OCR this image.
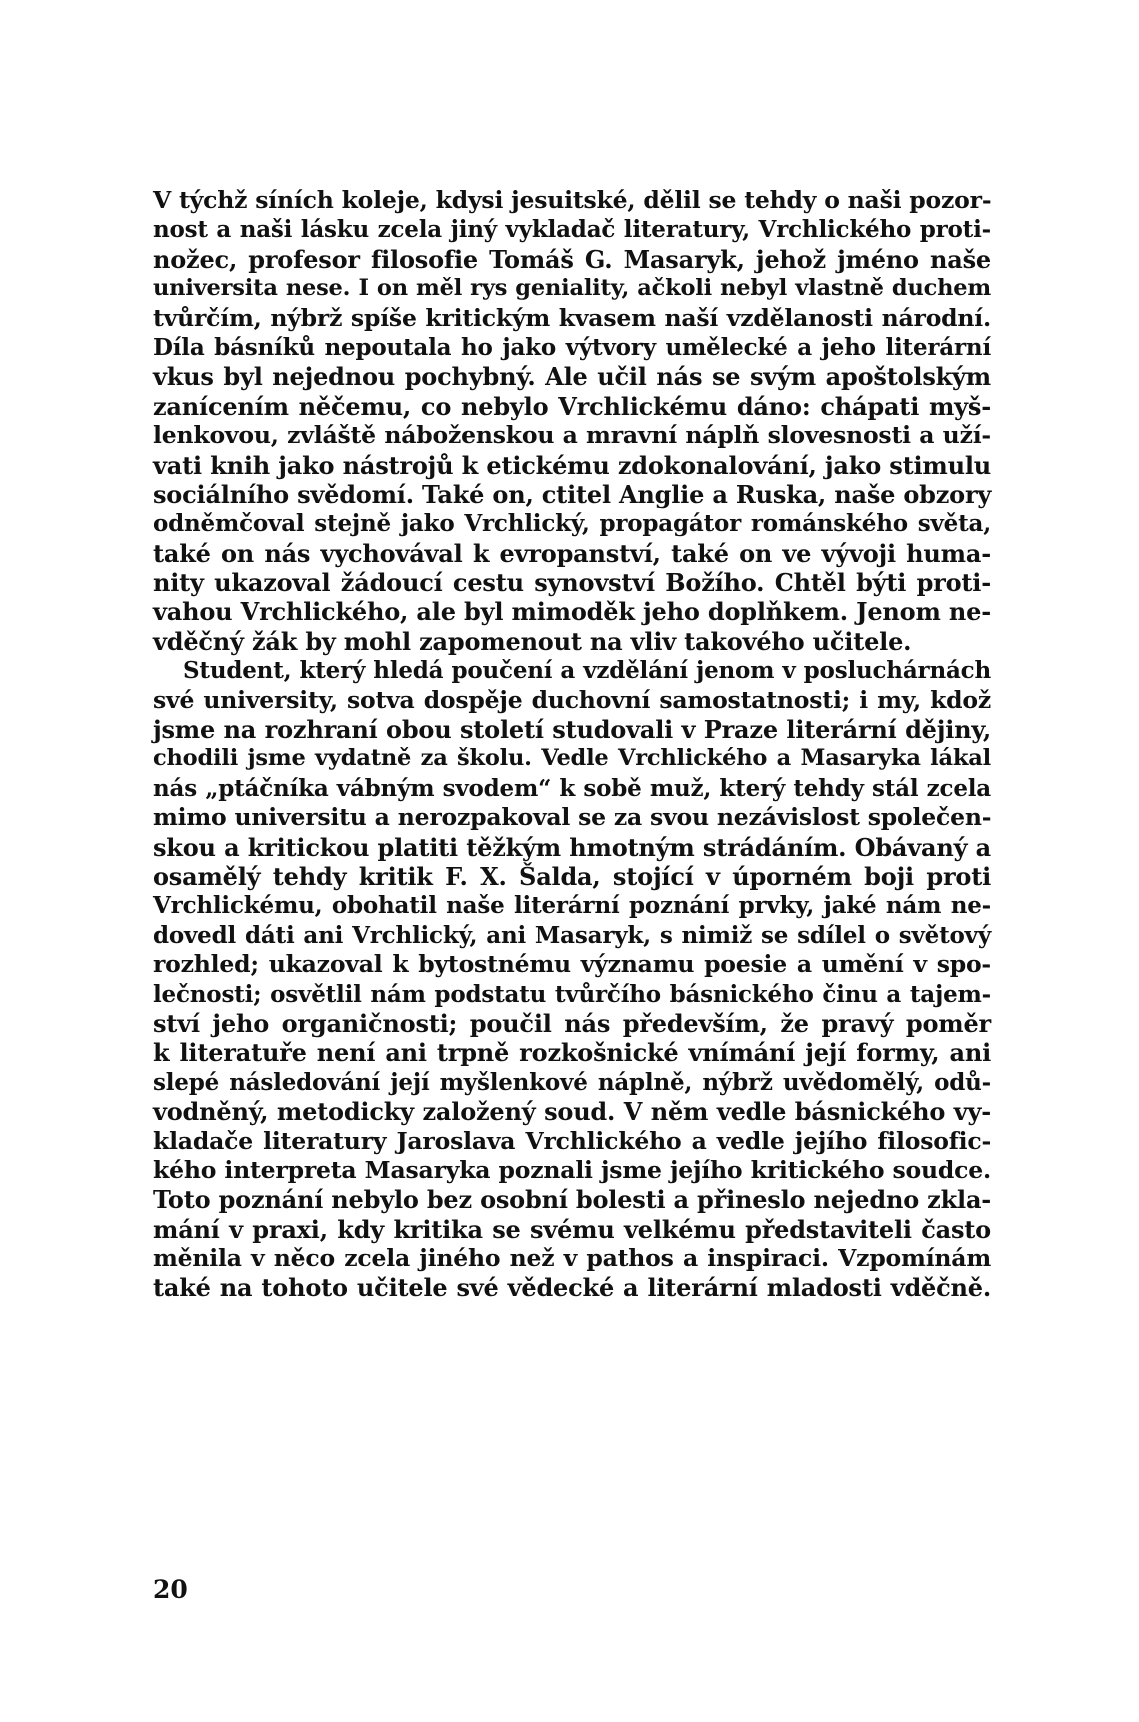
V týchž síních koleje, kdysi jesuitské, dělil se tehdy o naši pozor-
nost a naši lásku zcela jiný vykladač literatury, Vrchlického proti-
nožec, profesor filosofie Tomáš G. Masaryk, jehož jméno naše
universita nese. I on měl rys geniality, ačkoli nebyl vlastně duchem
tvůrčím, nýbrž spíše kritickým kvasem naší vzdělanosti národní.
Díla básníků nepoutala ho jako výtvory umělecké a jeho literární
vkus byl nejednou pochybný. Ale učil nás se svým apoštolským
zanícením něčemu, co nebylo Vrchlickému dáno: chápati myš-
lenkovou, zvláště náboženskou a mravní náplň slovesnosti a uží-
vati knih jako nástrojů k etickému zdokonalování, jako stimulu
sociálního svědomí. Také on, ctitel Anglie a Ruska, naše obzory
odněmčoval stejně jako Vrchlický, propagátor románského světa,
také on nás vychovával k evropanství, také on ve vývoji huma-
nity ukazoval žádoucí cestu synovství Božího. Chtěl býti proti-
vahou Vrchlického, ale byl mimoděk jeho doplňkem. Jenom ne-
vděčný žák by mohl zapomenout na vliv takového učitele.
Student, který hledá poučení a vzdělání jenom v posluchárnách
své university, sotva dospěje duchovní samostatnosti; i my, kdož
jsme na rozhraní obou století studovali v Praze literární dějiny,
chodili jsme vydatně za školu. Vedle Vrchlického a Masaryka lákal
nás „ptáčníka vábným svodem“ k sobě muž, který tehdy stál zcela
mimo universitu a nerozpakoval se za svou nezávislost společen-
skou a kritickou platiti těžkým hmotným strádáním. Obávaný a
osamělý tehdy kritik F. X. Šalda, stojící v úporném boji proti
Vrchlickému, obohatil naše literární poznání prvky, jaké nám ne-
dovedl dáti ani Vrchlický, ani Masaryk, s nimiž se sdílel o světový
rozhled; ukazoval k bytostnému významu poesie a umění v spo-
lečnosti; osvětlil nám podstatu tvůrčího básnického činu a tajem-
ství jeho organičnosti; poučil nás především, že pravý poměr
k literatuře není ani trpně rozkošnické vnímání její formy, ani
slepé následování její myšlenkové náplně, nýbrž uvědomělý, odů-
vodněný, metodicky založený soud. V něm vedle básnického vy-
kladače literatury Jaroslava Vrchlického a vedle jejího filosofic-
kého interpreta Masaryka poznali jsme jejího kritického soudce.
Toto poznání nebylo bez osobní bolesti a přineslo nejedno zkla-
mání v praxi, kdy kritika se svému velkému představiteli často
měnila v něco zcela jiného než v pathos a inspiraci. Vzpomínám
také na tohoto učitele své vědecké a literární mladosti vděčně.
20
